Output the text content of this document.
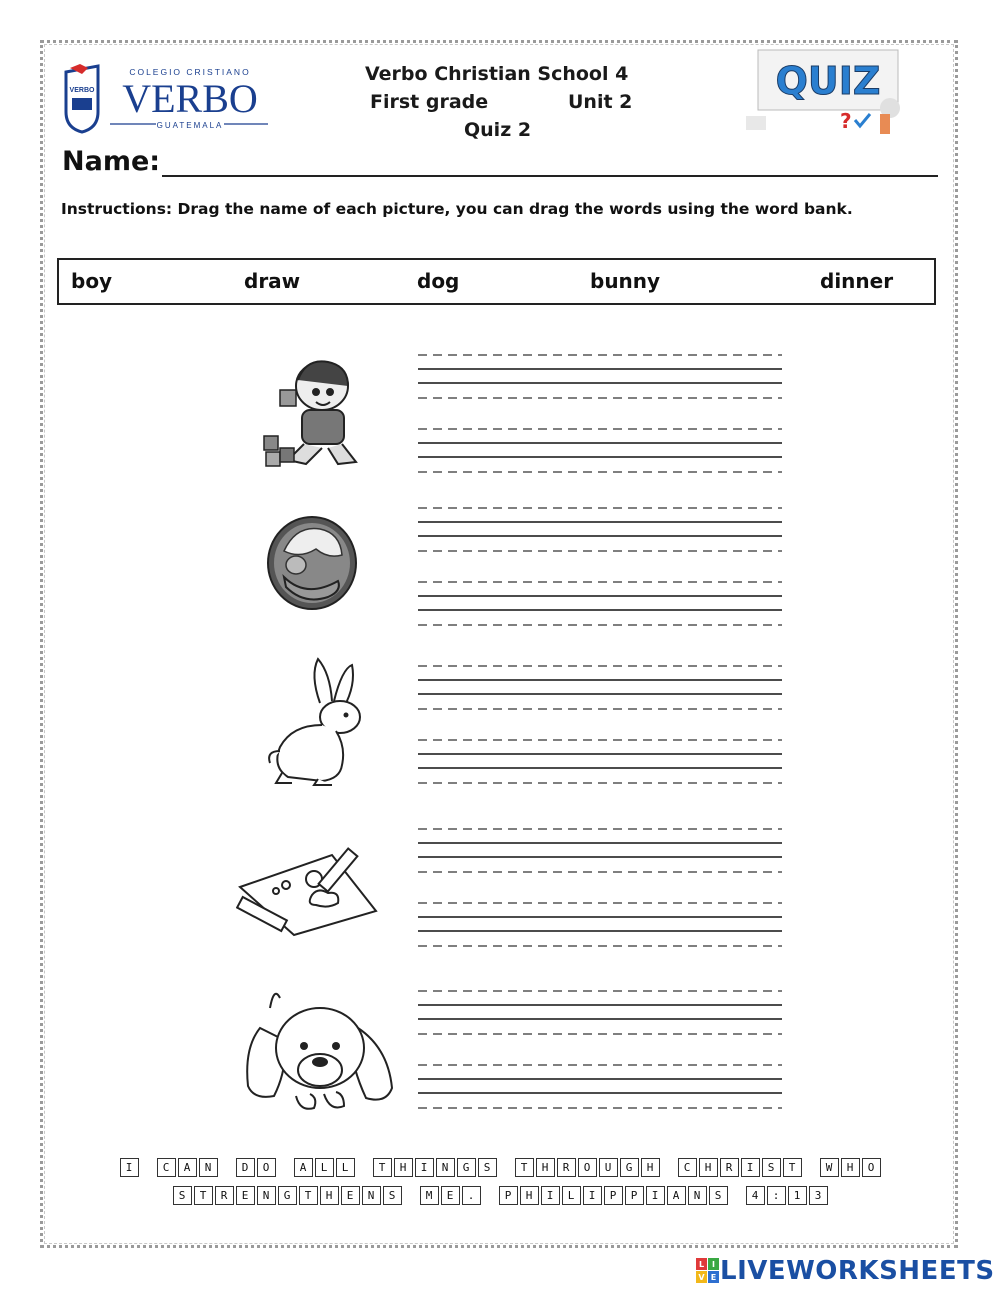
VERBO
COLEGIO CRISTIANO
VERBO
GUATEMALA
Verbo Christian School 4
First grade	Unit 2
Quiz 2
QUIZ
?
Name:
Instructions: Drag the name of each picture, you can drag the words using the word bank.
boy	draw	dog	bunny	dinner
I	C A N	D O	A L L	T H I N G S	T H R O U G H	C H R I S T	W H O
S T R E N G T H E N S	M E .	P H I L I P P I A N S	4 : 1 3
L I
V E LIVEWORKSHEETS
